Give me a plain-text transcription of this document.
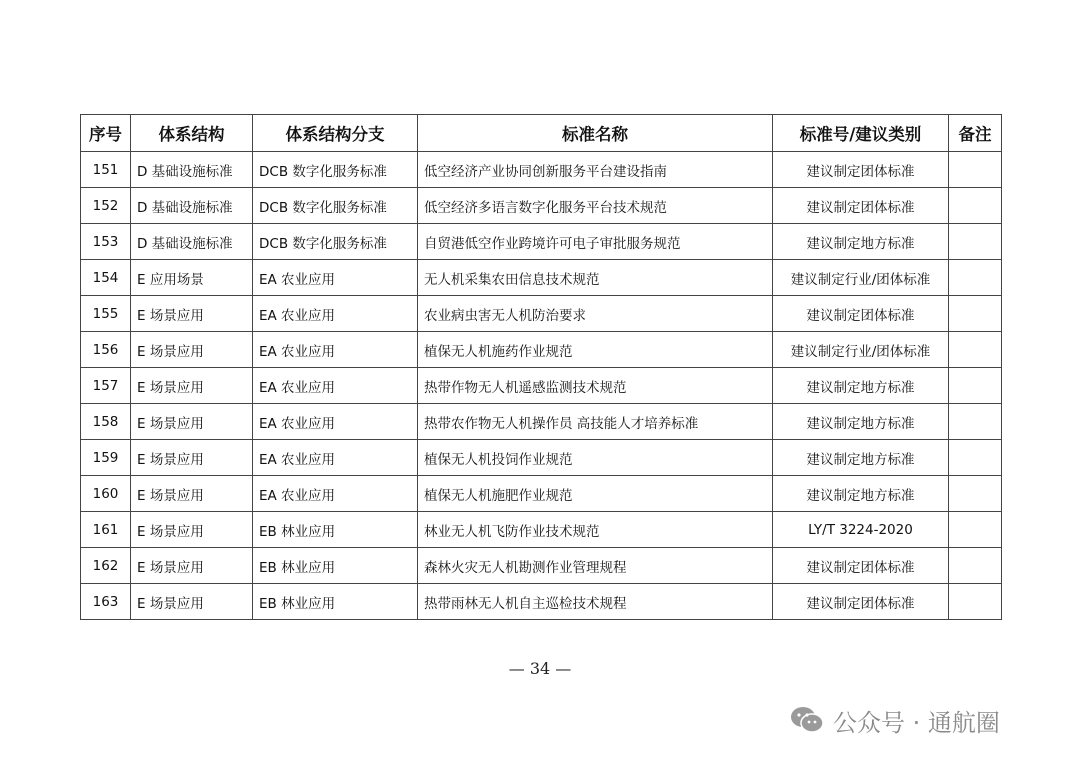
序号	体系结构	体系结构分支	标准名称	标准号/建议类别	备注
151	D 基础设施标准	DCB 数字化服务标准	低空经济产业协同创新服务平台建设指南	建议制定团体标准	
152	D 基础设施标准	DCB 数字化服务标准	低空经济多语言数字化服务平台技术规范	建议制定团体标准	
153	D 基础设施标准	DCB 数字化服务标准	自贸港低空作业跨境许可电子审批服务规范	建议制定地方标准	
154	E 应用场景	EA 农业应用	无人机采集农田信息技术规范	建议制定行业/团体标准	
155	E 场景应用	EA 农业应用	农业病虫害无人机防治要求	建议制定团体标准	
156	E 场景应用	EA 农业应用	植保无人机施药作业规范	建议制定行业/团体标准	
157	E 场景应用	EA 农业应用	热带作物无人机遥感监测技术规范	建议制定地方标准	
158	E 场景应用	EA 农业应用	热带农作物无人机操作员 高技能人才培养标准	建议制定地方标准	
159	E 场景应用	EA 农业应用	植保无人机投饲作业规范	建议制定地方标准	
160	E 场景应用	EA 农业应用	植保无人机施肥作业规范	建议制定地方标准	
161	E 场景应用	EB 林业应用	林业无人机飞防作业技术规范	LY/T 3224-2020	
162	E 场景应用	EB 林业应用	森林火灾无人机勘测作业管理规程	建议制定团体标准	
163	E 场景应用	EB 林业应用	热带雨林无人机自主巡检技术规程	建议制定团体标准	
— 34 —
公众号 · 通航圈
